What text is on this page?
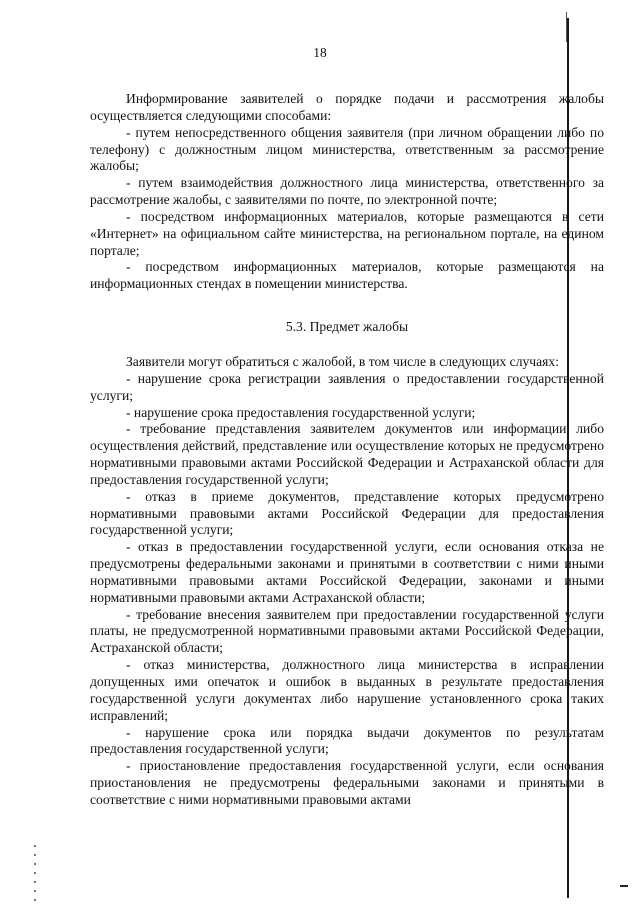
18

Информирование заявителей о порядке подачи и рассмотрения жалобы осуществляется следующими способами:

- путем непосредственного общения заявителя (при личном обращении либо по телефону) с должностным лицом министерства, ответственным за рассмотрение жалобы;

- путем взаимодействия должностного лица министерства, ответственного за рассмотрение жалобы, с заявителями по почте, по электронной почте;

- посредством информационных материалов, которые размещаются в сети «Интернет» на официальном сайте министерства, на региональном портале, на едином портале;

- посредством информационных материалов, которые размещаются на информационных стендах в помещении министерства.

5.3. Предмет жалобы

Заявители могут обратиться с жалобой, в том числе в следующих случаях:

- нарушение срока регистрации заявления о предоставлении государственной услуги;

- нарушение срока предоставления государственной услуги;

- требование представления заявителем документов или информации либо осуществления действий, представление или осуществление которых не предусмотрено нормативными правовыми актами Российской Федерации и Астраханской области для предоставления государственной услуги;

- отказ в приеме документов, представление которых предусмотрено нормативными правовыми актами Российской Федерации для предоставления государственной услуги;

- отказ в предоставлении государственной услуги, если основания отказа не предусмотрены федеральными законами и принятыми в соответствии с ними иными нормативными правовыми актами Российской Федерации, законами и иными нормативными правовыми актами Астраханской области;

- требование внесения заявителем при предоставлении государственной услуги платы, не предусмотренной нормативными правовыми актами Российской Федерации, Астраханской области;

- отказ министерства, должностного лица министерства в исправлении допущенных ими опечаток и ошибок в выданных в результате предоставления государственной услуги документах либо нарушение установленного срока таких исправлений;

- нарушение срока или порядка выдачи документов по результатам предоставления государственной услуги;

- приостановление предоставления государственной услуги, если основания приостановления не предусмотрены федеральными законами и принятыми в соответствие с ними нормативными правовыми актами
